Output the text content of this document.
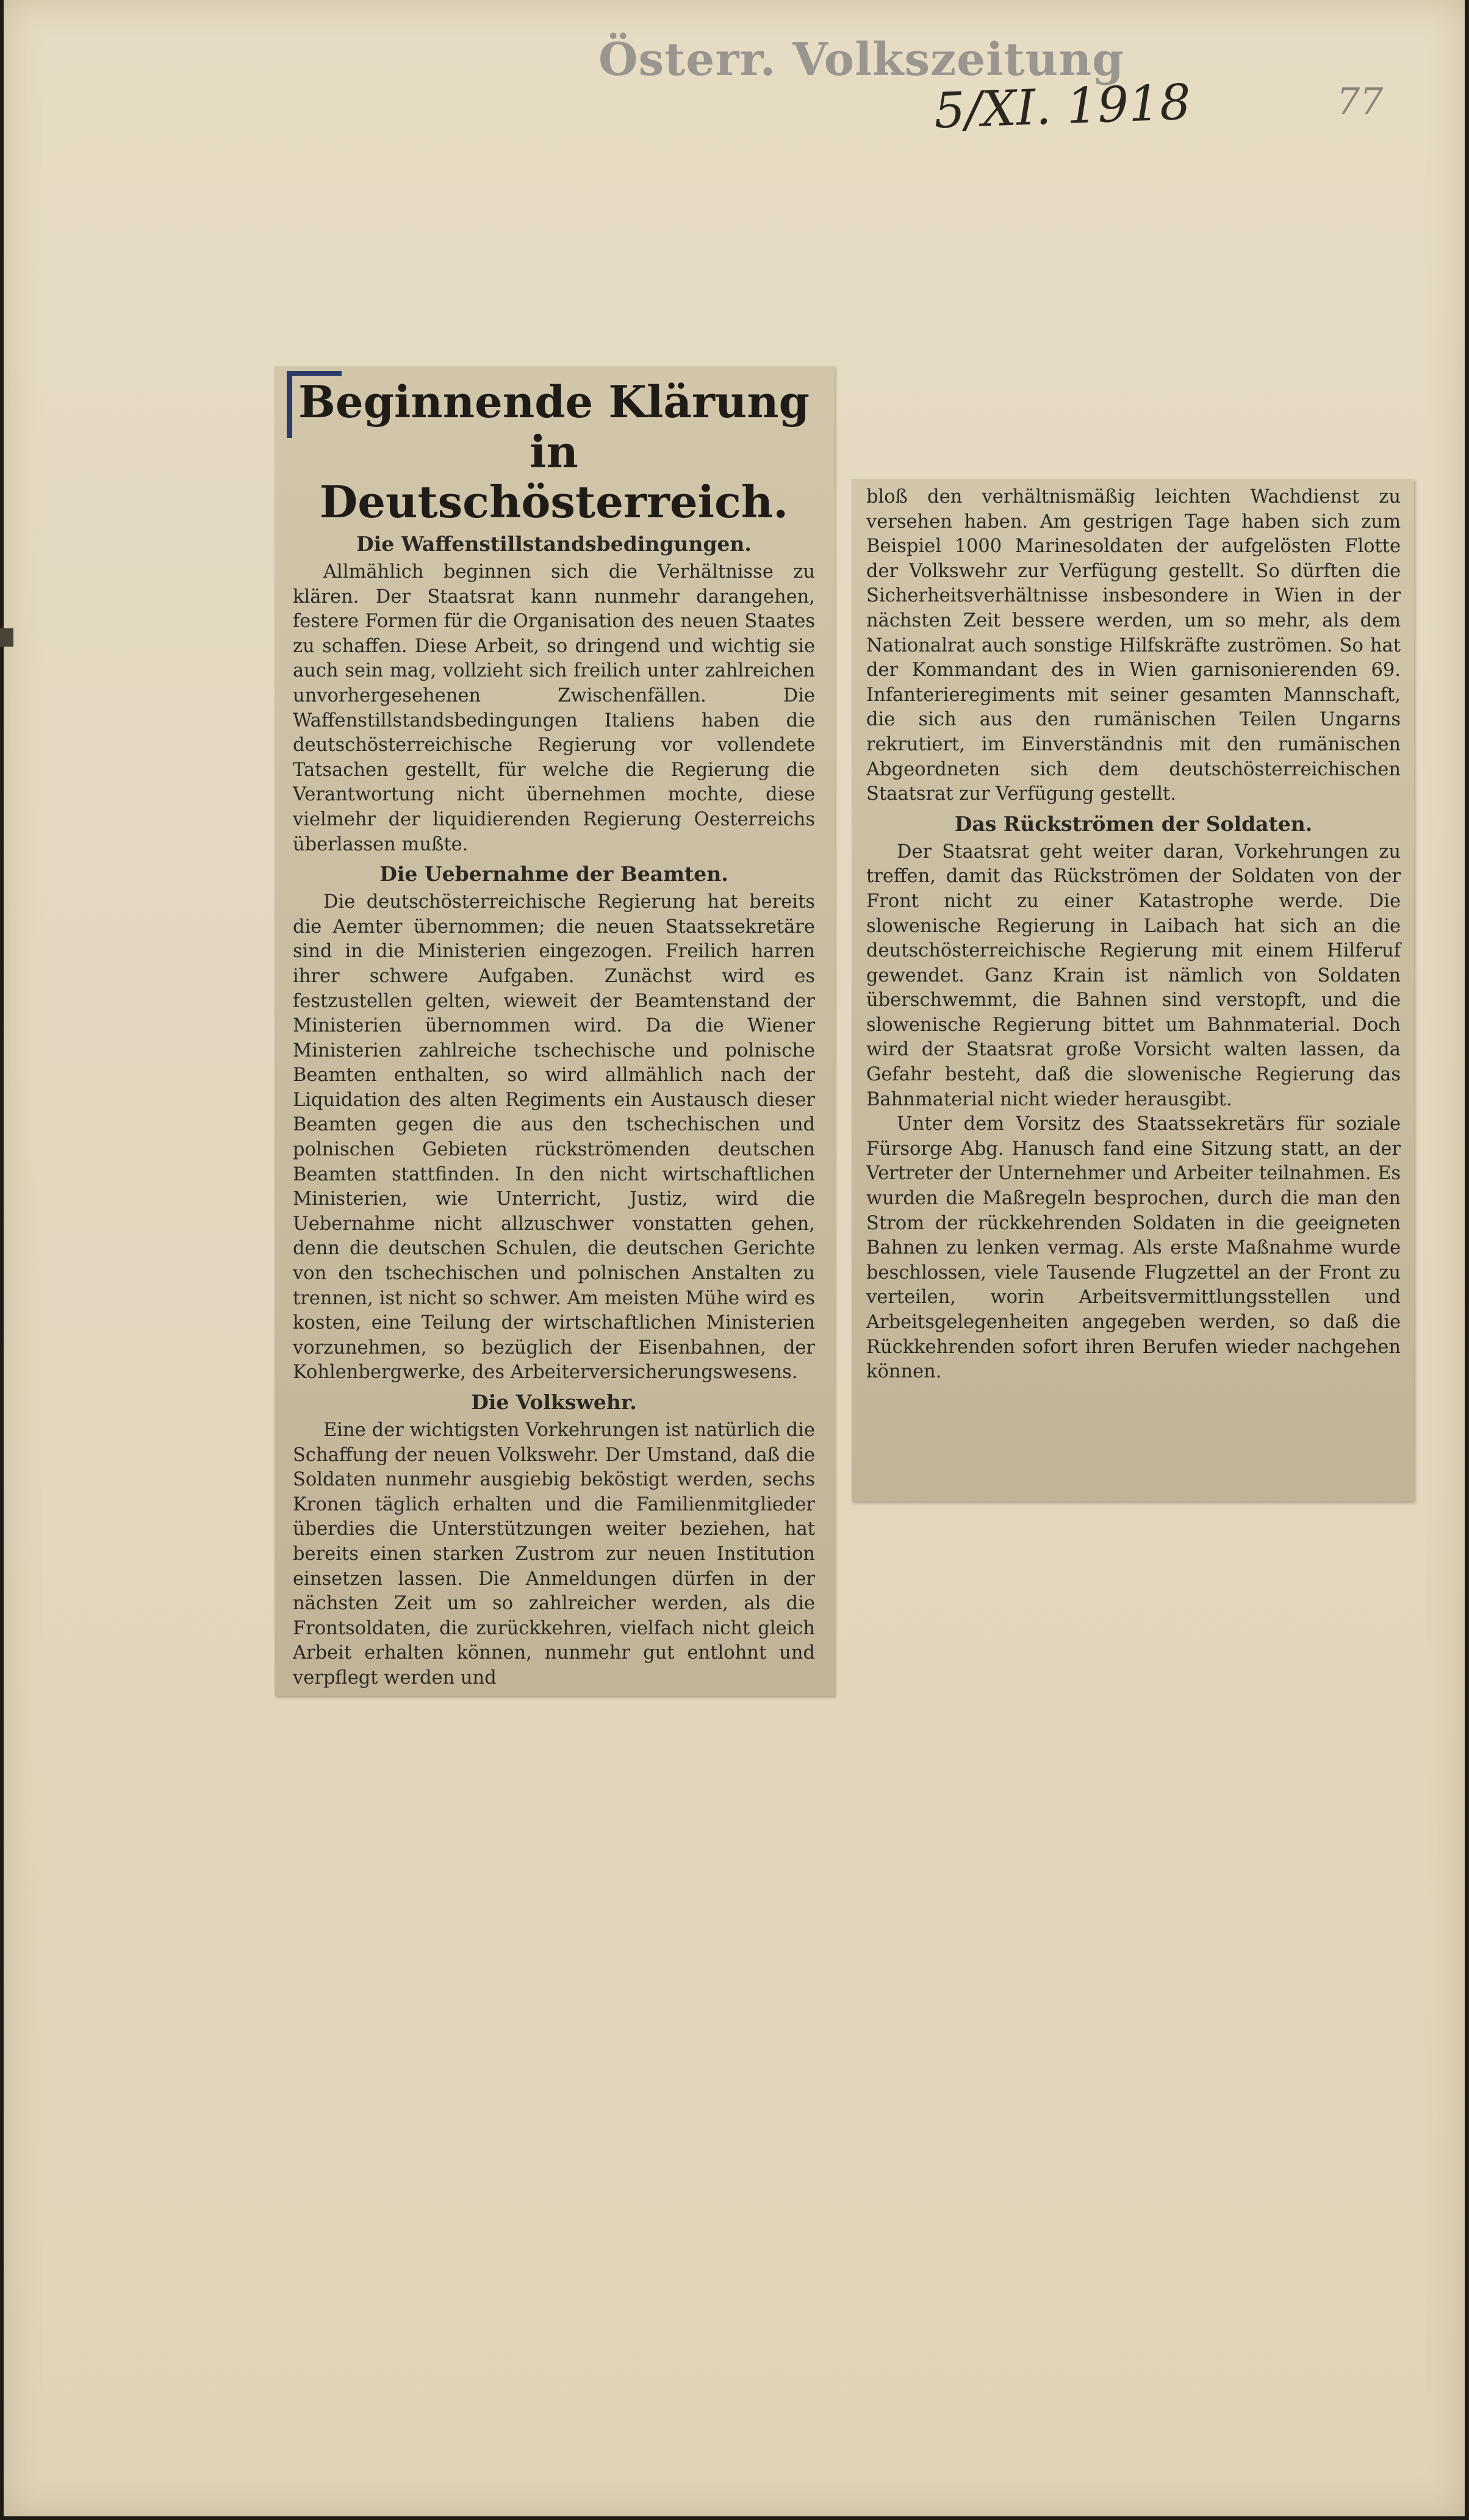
Österr. Volkszeitung
5/XI. 1918	77
Beginnende Klärung in
Deutschösterreich.
Die Waffenstillstandsbedingungen.

Allmählich beginnen sich die Verhältnisse zu klären. Der Staatsrat kann nunmehr darangehen, festere Formen für die Organisation des neuen Staates zu schaffen. Diese Arbeit, so dringend und wichtig sie auch sein mag, vollzieht sich freilich unter zahlreichen unvorhergesehenen Zwischenfällen. Die Waffenstillstandsbedingungen Italiens haben die deutschösterreichische Regierung vor vollendete Tatsachen gestellt, für welche die Regierung die Verantwortung nicht übernehmen mochte, diese vielmehr der liquidierenden Regierung Oesterreichs überlassen mußte.

Die Uebernahme der Beamten.

Die deutschösterreichische Regierung hat bereits die Aemter übernommen; die neuen Staatssekretäre sind in die Ministerien eingezogen. Freilich harren ihrer schwere Aufgaben. Zunächst wird es festzustellen gelten, wieweit der Beamtenstand der Ministerien übernommen wird. Da die Wiener Ministerien zahlreiche tschechische und polnische Beamten enthalten, so wird allmählich nach der Liquidation des alten Regiments ein Austausch dieser Beamten gegen die aus den tschechischen und polnischen Gebieten rückströmenden deutschen Beamten stattfinden. In den nicht wirtschaftlichen Ministerien, wie Unterricht, Justiz, wird die Uebernahme nicht allzuschwer vonstatten gehen, denn die deutschen Schulen, die deutschen Gerichte von den tschechischen und polnischen Anstalten zu trennen, ist nicht so schwer. Am meisten Mühe wird es kosten, eine Teilung der wirtschaftlichen Ministerien vorzunehmen, so bezüglich der Eisenbahnen, der Kohlenbergwerke, des Arbeiterversicherungswesens.

Die Volkswehr.

Eine der wichtigsten Vorkehrungen ist natürlich die Schaffung der neuen Volkswehr. Der Umstand, daß die Soldaten nunmehr ausgiebig beköstigt werden, sechs Kronen täglich erhalten und die Familienmitglieder überdies die Unterstützungen weiter beziehen, hat bereits einen starken Zustrom zur neuen Institution einsetzen lassen. Die Anmeldungen dürfen in der nächsten Zeit um so zahlreicher werden, als die Frontsoldaten, die zurückkehren, vielfach nicht gleich Arbeit erhalten können, nunmehr gut entlohnt und verpflegt werden und

bloß den verhältnismäßig leichten Wachdienst zu versehen haben. Am gestrigen Tage haben sich zum Beispiel 1000 Marinesoldaten der aufgelösten Flotte der Volkswehr zur Verfügung gestellt. So dürften die Sicherheitsverhältnisse insbesondere in Wien in der nächsten Zeit bessere werden, um so mehr, als dem Nationalrat auch sonstige Hilfskräfte zuströmen. So hat der Kommandant des in Wien garnisonierenden 69. Infanterieregiments mit seiner gesamten Mannschaft, die sich aus den rumänischen Teilen Ungarns rekrutiert, im Einverständnis mit den rumänischen Abgeordneten sich dem deutschösterreichischen Staatsrat zur Verfügung gestellt.

Das Rückströmen der Soldaten.

Der Staatsrat geht weiter daran, Vorkehrungen zu treffen, damit das Rückströmen der Soldaten von der Front nicht zu einer Katastrophe werde. Die slowenische Regierung in Laibach hat sich an die deutschösterreichische Regierung mit einem Hilferuf gewendet. Ganz Krain ist nämlich von Soldaten überschwemmt, die Bahnen sind verstopft, und die slowenische Regierung bittet um Bahnmaterial. Doch wird der Staatsrat große Vorsicht walten lassen, da Gefahr besteht, daß die slowenische Regierung das Bahnmaterial nicht wieder herausgibt.

Unter dem Vorsitz des Staatssekretärs für soziale Fürsorge Abg. Hanusch fand eine Sitzung statt, an der Vertreter der Unternehmer und Arbeiter teilnahmen. Es wurden die Maßregeln besprochen, durch die man den Strom der rückkehrenden Soldaten in die geeigneten Bahnen zu lenken vermag. Als erste Maßnahme wurde beschlossen, viele Tausende Flugzettel an der Front zu verteilen, worin Arbeitsvermittlungsstellen und Arbeitsgelegenheiten angegeben werden, so daß die Rückkehrenden sofort ihren Berufen wieder nachgehen können.
